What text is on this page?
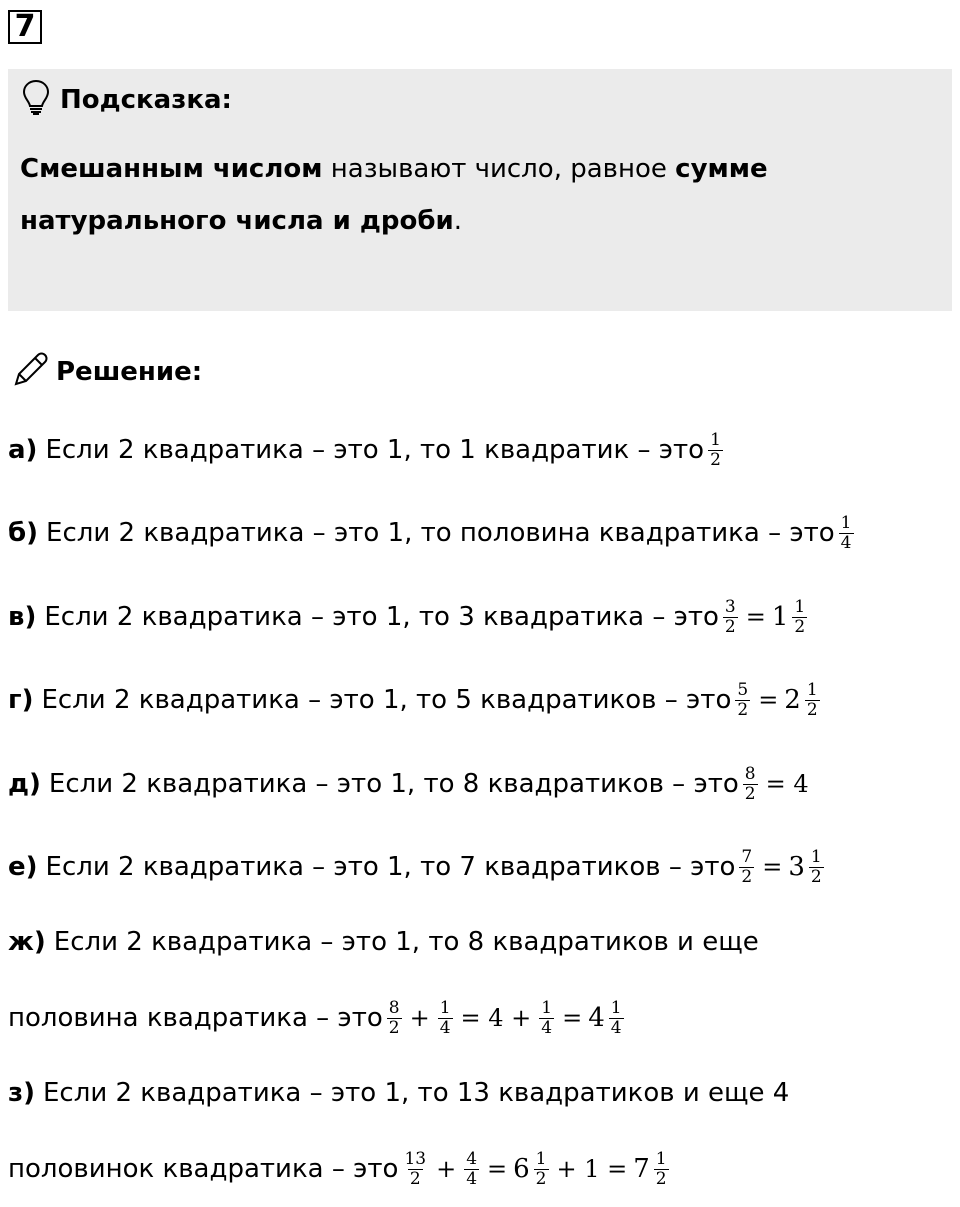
7
Подсказка:
Смешанным числом называют число, равное сумме
натурального числа и дроби.
Решение:
а) Если 2 квадратика – это 1, то 1 квадратик – это $\frac{1}{2}$
б) Если 2 квадратика – это 1, то половина квадратика – это $\frac{1}{4}$
в) Если 2 квадратика – это 1, то 3 квадратика – это $\frac{3}{2} = 1 \frac{1}{2}$
г) Если 2 квадратика – это 1, то 5 квадратиков – это $\frac{5}{2} = 2 \frac{1}{2}$
д) Если 2 квадратика – это 1, то 8 квадратиков – это $\frac{8}{2} = 4$
е) Если 2 квадратика – это 1, то 7 квадратиков – это $\frac{7}{2} = 3 \frac{1}{2}$
ж) Если 2 квадратика – это 1, то 8 квадратиков и еще
половина квадратика – это $\frac{8}{2} + \frac{1}{4} = 4 + \frac{1}{4} = 4 \frac{1}{4}$
з) Если 2 квадратика – это 1, то 13 квадратиков и еще 4
половинок квадратика – это $\frac{13}{2} + \frac{4}{4} = 6 \frac{1}{2} + 1 = 7 \frac{1}{2}$
